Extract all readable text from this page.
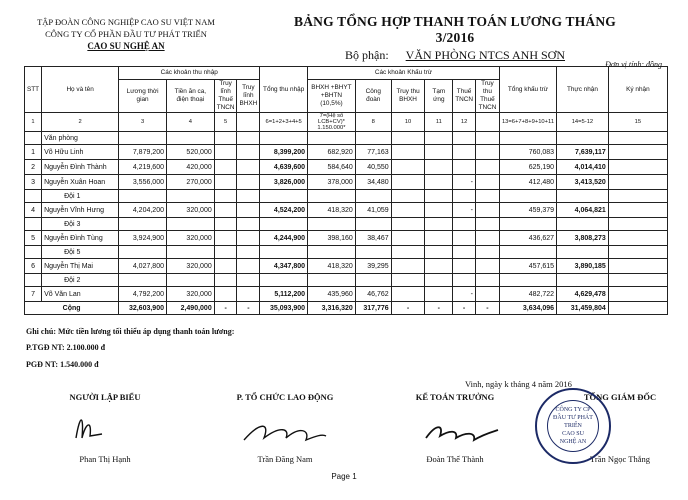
TẬP ĐOÀN CÔNG NGHIỆP CAO SU VIỆT NAM
CÔNG TY CỔ PHẦN ĐẦU TƯ PHÁT TRIỂN
CAO SU NGHỆ AN
BẢNG TỔNG HỢP THANH TOÁN LƯƠNG THÁNG 3/2016
Bộ phận: VĂN PHÒNG NTCS ANH SƠN
Đơn vị tính: đồng
STT	Họ và tên	Các khoản thu nhập				Tổng thu nhập	Các khoản Khấu trừ						Tổng khấu trừ	Thực nhận	Ký nhận
		Lương thời gian	Tiền ăn ca, điện thoại	Truy lĩnh Thuế TNCN	Truy lĩnh BHXH		BHXH +BHYT +BHTN (10,5%)	Công đoàn	Truy thu BHXH	Tạm ứng	Thuế TNCN	Truy thu Thuế TNCN			
1	2	3	4	5		6=1+2+3+4+5	7=(Hệ số LCB+CV)* 1.150.000*	8	10	11	12		13=6+7+8+9+10+11	14=5-12	15
	Văn phòng														
1	Võ Hữu Linh	7,879,200	520,000			8,399,200	682,920	77,163					760,083	7,639,117	
2	Nguyễn Đình Thành	4,219,600	420,000			4,639,600	584,640	40,550					625,190	4,014,410	
3	Nguyễn Xuân Hoan	3,556,000	270,000			3,826,000	378,000	34,480			-		412,480	3,413,520	
	Đội 1														
4	Nguyễn Vĩnh Hưng	4,204,200	320,000			4,524,200	418,320	41,059			-		459,379	4,064,821	
	Đội 3														
5	Nguyễn Đình Tùng	3,924,900	320,000			4,244,900	398,160	38,467					436,627	3,808,273	
	Đội 5														
6	Nguyễn Thị Mai	4,027,800	320,000			4,347,800	418,320	39,295					457,615	3,890,185	
	Đội 2														
7	Võ Văn Lan	4,792,200	320,000			5,112,200	435,960	46,762			-		482,722	4,629,478	
Cộng		32,603,900	2,490,000	-	-	35,093,900	3,316,320	317,776	-	-	-	-	3,634,096	31,459,804	
Ghi chú: Mức tiền lương tối thiểu áp dụng thanh toán lương:
P.TGĐ NT: 2.100.000 đ
PGĐ NT: 1.540.000 đ
Vinh, ngày k tháng 4 năm 2016
NGƯỜI LẬP BIỂU
Phan Thị Hạnh
P. TỔ CHỨC LAO ĐỘNG
Trần Đăng Nam
KẾ TOÁN TRƯỞNG
Đoàn Thế Thành
TỔNG GIÁM ĐỐC
Trần Ngọc Thắng
CÔNG TY CP
ĐẦU TƯ PHÁT TRIỂN
CAO SU
NGHỆ AN
Page 1
